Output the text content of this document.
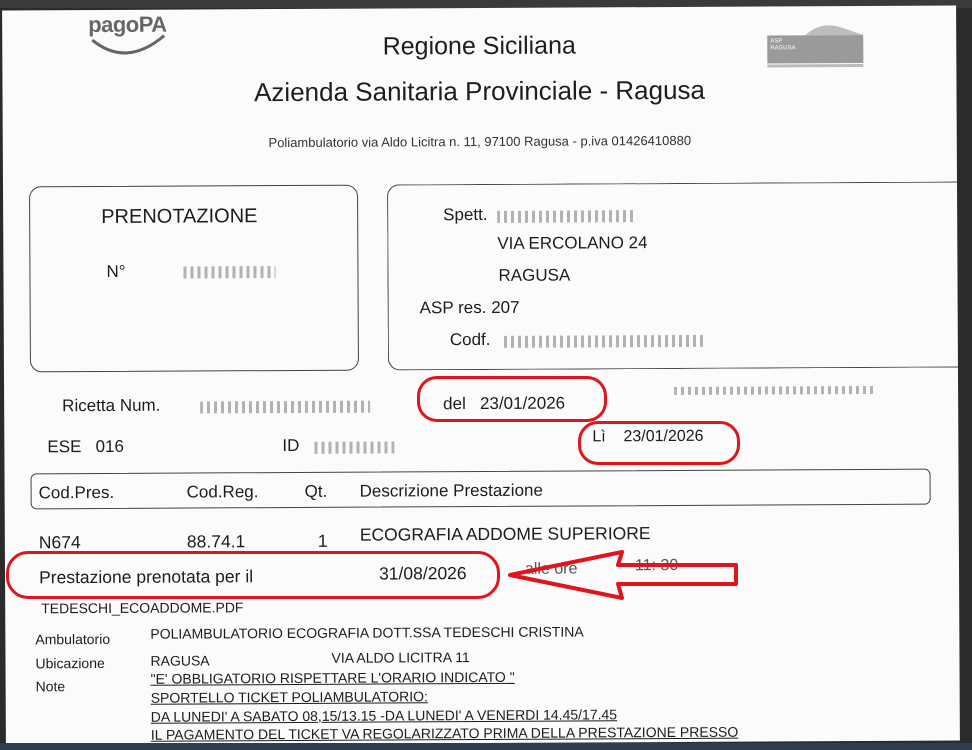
pagoPA
ASP RAGUSA
Regione Siciliana
Azienda Sanitaria Provinciale - Ragusa
Poliambulatorio via Aldo Licitra n. 11, 97100 Ragusa - p.iva 01426410880
PRENOTAZIONE
N°
Spett.
VIA ERCOLANO 24
RAGUSA
ASP res. 207
Codf.
Ricetta Num.	del 23/01/2026
ESE 016	ID	Lì 23/01/2026
Cod.Pres.	Cod.Reg.	Qt. Descrizione Prestazione
N674	88.74.1	1 ECOGRAFIA ADDOME SUPERIORE
Prestazione prenotata per il	31/08/2026	alle ore	11: 30
TEDESCHI_ECOADDOME.PDF
Ambulatorio	POLIAMBULATORIO ECOGRAFIA DOTT.SSA TEDESCHI CRISTINA
Ubicazione	RAGUSA	VIA ALDO LICITRA 11
Note	"E' OBBLIGATORIO RISPETTARE L'ORARIO INDICATO "
SPORTELLO TICKET POLIAMBULATORIO:
DA LUNEDI' A SABATO 08,15/13.15 -DA LUNEDI' A VENERDI 14.45/17.45
IL PAGAMENTO DEL TICKET VA REGOLARIZZATO PRIMA DELLA PRESTAZIONE PRESSO
